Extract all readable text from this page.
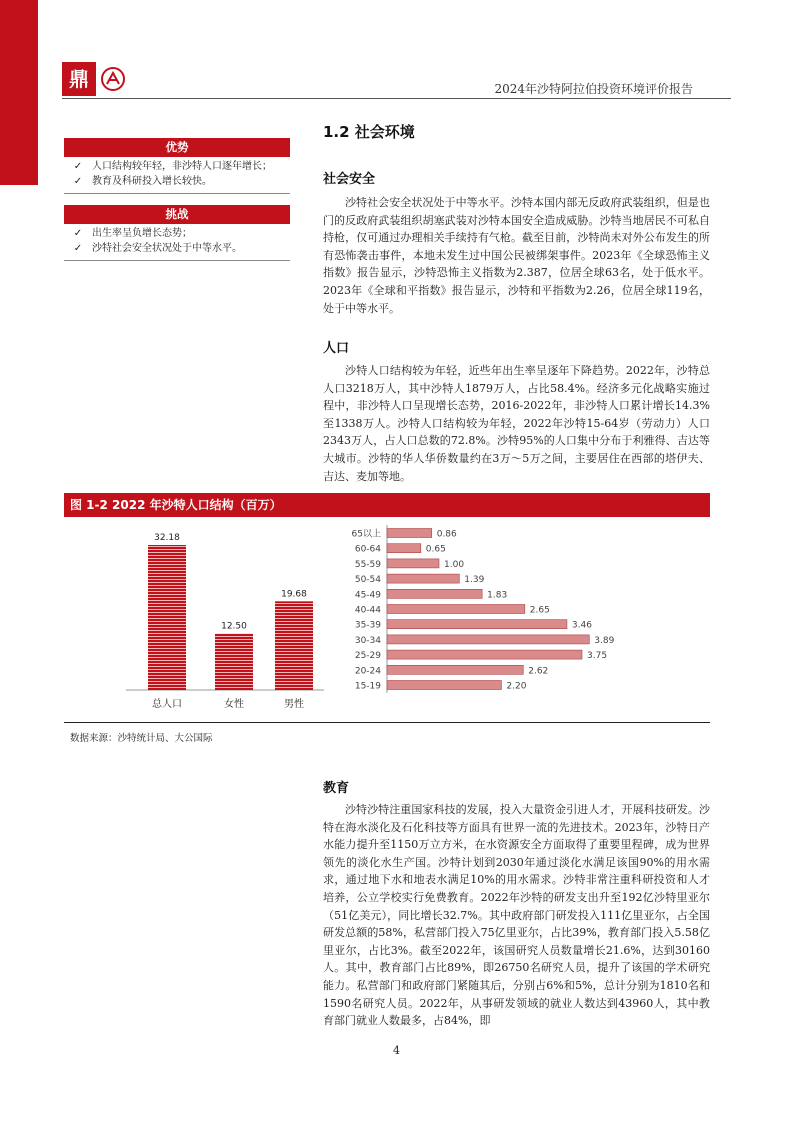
鼎	2024年沙特阿拉伯投资环境评价报告
优势
✓ 人口结构较年轻，非沙特人口逐年增长；
✓ 教育及科研投入增长较快。
挑战
✓ 出生率呈负增长态势；
✓ 沙特社会安全状况处于中等水平。
1.2 社会环境
社会安全

沙特社会安全状况处于中等水平。沙特本国内部无反政府武装组织，但是也门的反政府武装组织胡塞武装对沙特本国安全造成威胁。沙特当地居民不可私自持枪，仅可通过办理相关手续持有气枪。截至目前，沙特尚未对外公布发生的所有恐怖袭击事件，本地未发生过中国公民被绑架事件。2023年《全球恐怖主义指数》报告显示，沙特恐怖主义指数为2.387，位居全球63名，处于低水平。2023年《全球和平指数》报告显示，沙特和平指数为2.26，位居全球119名，处于中等水平。

人口

沙特人口结构较为年轻，近些年出生率呈逐年下降趋势。2022年，沙特总人口3218万人，其中沙特人1879万人，占比58.4%。经济多元化战略实施过程中，非沙特人口呈现增长态势，2016-2022年，非沙特人口累计增长14.3%至1338万人。沙特人口结构较为年轻，2022年沙特15-64岁（劳动力）人口2343万人，占人口总数的72.8%。沙特95%的人口集中分布于利雅得、吉达等大城市。沙特的华人华侨数量约在3万～5万之间，主要居住在西部的塔伊夫、吉达、麦加等地。

图 1-2 2022 年沙特人口结构（百万）
32.18
总人口
12.50
女性
19.68
男性
65以上	0.86
60-64	0.65
55-59	1.00
50-54	1.39
45-49	1.83
40-44	2.65
35-39	3.46
30-34	3.89
25-29	3.75
20-24	2.62
15-19	2.20
数据来源：沙特统计局、大公国际
教育

沙特沙特注重国家科技的发展，投入大量资金引进人才，开展科技研发。沙特在海水淡化及石化科技等方面具有世界一流的先进技术。2023年，沙特日产水能力提升至1150万立方米，在水资源安全方面取得了重要里程碑，成为世界领先的淡化水生产国。沙特计划到2030年通过淡化水满足该国90%的用水需求，通过地下水和地表水满足10%的用水需求。沙特非常注重科研投资和人才培养，公立学校实行免费教育。2022年沙特的研发支出升至192亿沙特里亚尔（51亿美元），同比增长32.7%。其中政府部门研发投入111亿里亚尔，占全国研发总额的58%，私营部门投入75亿里亚尔，占比39%，教育部门投入5.58亿里亚尔，占比3%。截至2022年，该国研究人员数量增长21.6%，达到30160人。其中，教育部门占比89%，即26750名研究人员，提升了该国的学术研究能力。私营部门和政府部门紧随其后，分别占6%和5%，总计分别为1810名和1590名研究人员。2022年，从事研发领域的就业人数达到43960人，其中教育部门就业人数最多，占84%，即

4
